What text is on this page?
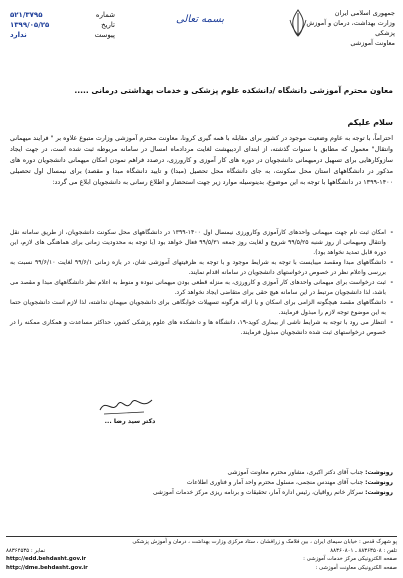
شماره
۵۲۱/۳۷۹۵
تاریخ
۱۳۹۹/۰۵/۲۵
پیوست
ندارد
بسمه تعالی
جمهوری اسلامی ایران
وزارت بهداشت، درمان و آموزش پزشکی
معاونت آموزشی
معاون محترم آموزشی دانشگاه /دانشکده علوم پزشکی و خدمات بهداشتی درمانی .....
سلام علیکم
احتراماً، با توجه به عاوم وضعیت موجود در کشور برای مقابله با همه گیری کرونا، معاونت محترم آموزشی وزارت متبوع علاوه بر " فرایند میهمانی وانتقال" معمول که مطابق با سنوات گذشته، از ابتدای اردیبهشت لغایت مردادماه امسال در سامانه مربوطه ثبت شده است، در جهت ایجاد سازوکارهایی برای تسهیل درمیهمانی دانشجویان در دوره های کار آموزی و کارورزی، درصدد فراهم نمودن امکان میهمانی دانشجویان دوره های مذکور در دانشگاههای استان محل سکونت، به جای دانشگاه محل تحصیل (مبدا) و تایید دانشگاه مبدا و مقصد) برای نیمسال اول تحصیلی ۱۴۰۰-۱۳۹۹ در دانشگاهها با توجه به این موضوع، بدینوسیله موارد زیر جهت استحضار و اطلاع رسانی به دانشجویان ابلاغ می گردد:
- امکان ثبت نام جهت میهمانی واحدهای کارآموزی وکارورزی نیمسال اول ۱۴۰۰-۱۳۹۹ در دانشگاههای محل سکونت دانشجویان، از طریق سامانه نقل وانتقال ومیهمانی از روز شنبه ۹۹/۵/۲۵ شروع و لغایت روز جمعه ۹۹/۵/۳۱ فعال خواهد بود (با توجه به محدودیت زمانی برای هماهنگی های لازم، این دوره قابل تمدید نخواهد بود).
- دانشگاههای مبدا ومقصد میبایست با توجه به شرایط موجود و با توجه به ظرفیتهای آموزشی شان، در بازه زمانی ۹۹/۶/۱ لغایت ۹۹/۶/۱۰ نسبت به بررسی واعلام نظر در خصوص درخواستهای دانشجویان در سامانه اقدام نمایند.
- ثبت درخواست برای میهمانی واحدهای کار آموزی و کارورزی، به منزله قطعی بودن میهمانی نبوده و منوط به اعلام نظر دانشگاههای مبدا و مقصد می باشد، لذا دانشجویان مرتبط در این سامانه هیچ حقی برای متقاضی ایجاد نخواهد کرد.
- دانشگاههای مقصد هیچگونه الزامی برای اسکان و یا ارائه هرگونه تسهیلات خوابگاهی برای دانشجویان میهمان نداشته، لذا لازم است دانشجویان حتما به این موضوع توجه لازم را مبذول فرمایند.
- انتظار می رود با توجه به شرایط ناشی از بیماری کوید-۱۹، دانشگاه ها و دانشکده های علوم پزشکی کشور، حداکثر مساعدت و همکاری ممکنه را در خصوص درخواستهای ثبت شده دانشجویان مبذول فرمایند.
دکتر سید رضا ...
رونوشت: جناب آقای دکتر اکبری، مشاور محترم معاونت آموزشی
رونوشت: جناب آقای مهندس منجمی، مسئول محترم واحد آمار و فناوری اطلاعات
رونوشت: سرکار خانم رواقیان، رئیس اداره آمار، تحقیقات و برنامه ریزی مرکز خدمات آموزشی
پو شهرک قدس : خیابان سیمای ایران ، بین فلامک و زرافشان ، ستاد مرکزی وزارت بهداشت ، درمان و آموزش پزشکی
تلفن : ۸۸۳۶۳۵۰۸ ـ ۸۸۳۶۰۸۰۱
نمابر : ۸۸۳۶۴۵۳۵
صفحه الکترونیکی مرکز خدمات آموزشی :
http://edd.behdasht.gov.ir
صفحه الکترونیکی معاونت آموزشی :
http://dme.behdasht.gov.ir
